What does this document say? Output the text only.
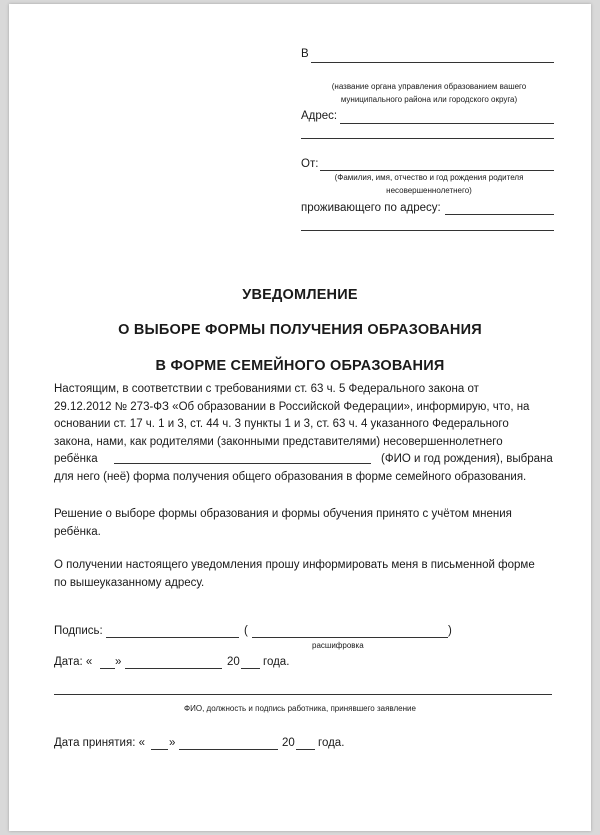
В
(название органа управления образованием вашего
муниципального района или городского округа)
Адрес:
От:
(Фамилия, имя, отчество и год рождения родителя
несовершеннолетнего)
проживающего по адресу:
УВЕДОМЛЕНИЕ
О ВЫБОРЕ ФОРМЫ ПОЛУЧЕНИЯ ОБРАЗОВАНИЯ
В ФОРМЕ СЕМЕЙНОГО ОБРАЗОВАНИЯ
Настоящим, в соответствии с требованиями ст. 63 ч. 5 Федерального закона от
29.12.2012 № 273-ФЗ «Об образовании в Российской Федерации», информирую, что, на
основании ст. 17 ч. 1 и 3, ст. 44 ч. 3 пункты 1 и 3, ст. 63 ч. 4 указанного Федерального
закона, нами, как родителями (законными представителями) несовершеннолетнего
ребёнка	(ФИО и год рождения), выбрана
для него (неё) форма получения общего образования в форме семейного образования.
Решение о выборе формы образования и формы обучения принято с учётом мнения
ребёнка.
О получении настоящего уведомления прошу информировать меня в письменной форме
по вышеуказанному адресу.
Подпись:	(	)
расшифровка
Дата: « »	20 года.
ФИО, должность и подпись работника, принявшего заявление
Дата принятия: « »	20 года.
